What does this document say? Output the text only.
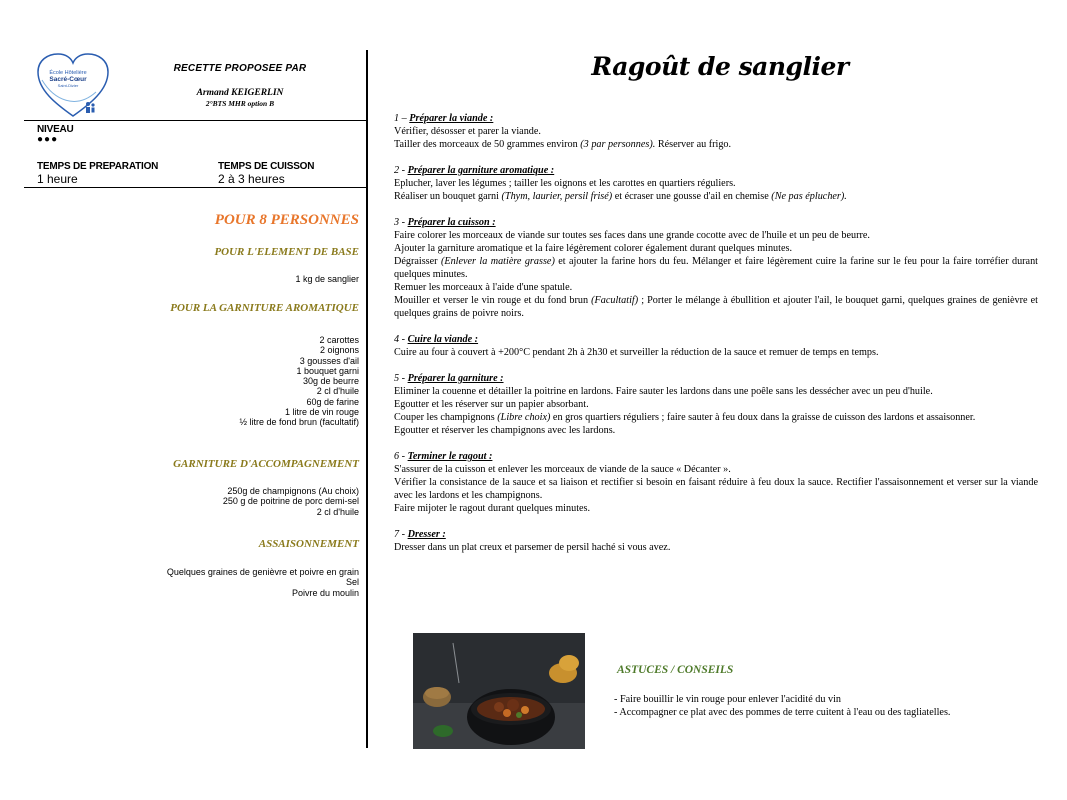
École Hôtelière
Sacré-Cœur
Saint-Dizier
RECETTE PROPOSEE PAR
Armand KEIGERLIN
2°BTS MHR option B
NIVEAU
●●●
TEMPS DE PREPARATION
1 heure
TEMPS DE CUISSON
2 à 3 heures
POUR 8 PERSONNES
POUR L'ELEMENT DE BASE
1 kg de sanglier
POUR LA GARNITURE AROMATIQUE
2 carottes
2 oignons
3 gousses d'ail
1 bouquet garni
30g de beurre
2 cl d'huile
60g de farine
1 litre de vin rouge
½ litre de fond brun (facultatif)
GARNITURE D'ACCOMPAGNEMENT
250g de champignons (Au choix)
250 g de poitrine de porc demi-sel
2 cl d'huile
ASSAISONNEMENT
Quelques graines de genièvre et poivre en grain
Sel
Poivre du moulin
Ragoût de sanglier
1 – Préparer la viande :

Vérifier, désosser et parer la viande.

Tailler des morceaux de 50 grammes environ (3 par personnes). Réserver au frigo.

2 - Préparer la garniture aromatique :

Eplucher, laver les légumes ; tailler les oignons et les carottes en quartiers réguliers.

Réaliser un bouquet garni (Thym, laurier, persil frisé) et écraser une gousse d'ail en chemise (Ne pas éplucher).

3 - Préparer la cuisson :

Faire colorer les morceaux de viande sur toutes ses faces dans une grande cocotte avec de l'huile et un peu de beurre.

Ajouter la garniture aromatique et la faire légèrement colorer également durant quelques minutes.

Dégraisser (Enlever la matière grasse) et ajouter la farine hors du feu. Mélanger et faire légèrement cuire la farine sur le feu pour la faire torréfier durant quelques minutes.

Remuer les morceaux à l'aide d'une spatule.

Mouiller et verser le vin rouge et du fond brun (Facultatif) ; Porter le mélange à ébullition et ajouter l'ail, le bouquet garni, quelques graines de genièvre et quelques grains de poivre noirs.

4 - Cuire la viande :

Cuire au four à couvert à +200°C pendant 2h à 2h30 et surveiller la réduction de la sauce et remuer de temps en temps.

5 - Préparer la garniture :

Eliminer la couenne et détailler la poitrine en lardons. Faire sauter les lardons dans une poêle sans les dessécher avec un peu d'huile.

Egoutter et les réserver sur un papier absorbant.

Couper les champignons (Libre choix) en gros quartiers réguliers ; faire sauter à feu doux dans la graisse de cuisson des lardons et assaisonner.

Egoutter et réserver les champignons avec les lardons.

6 - Terminer le ragout :

S'assurer de la cuisson et enlever les morceaux de viande de la sauce « Décanter ».

Vérifier la consistance de la sauce et sa liaison et rectifier si besoin en faisant réduire à feu doux la sauce. Rectifier l'assaisonnement et verser sur la viande avec les lardons et les champignons.

Faire mijoter le ragout durant quelques minutes.

7 - Dresser :

Dresser dans un plat creux et parsemer de persil haché si vous avez.

ASTUCES / CONSEILS
- Faire bouillir le vin rouge pour enlever l'acidité du vin
- Accompagner ce plat avec des pommes de terre cuitent à l'eau ou des tagliatelles.
